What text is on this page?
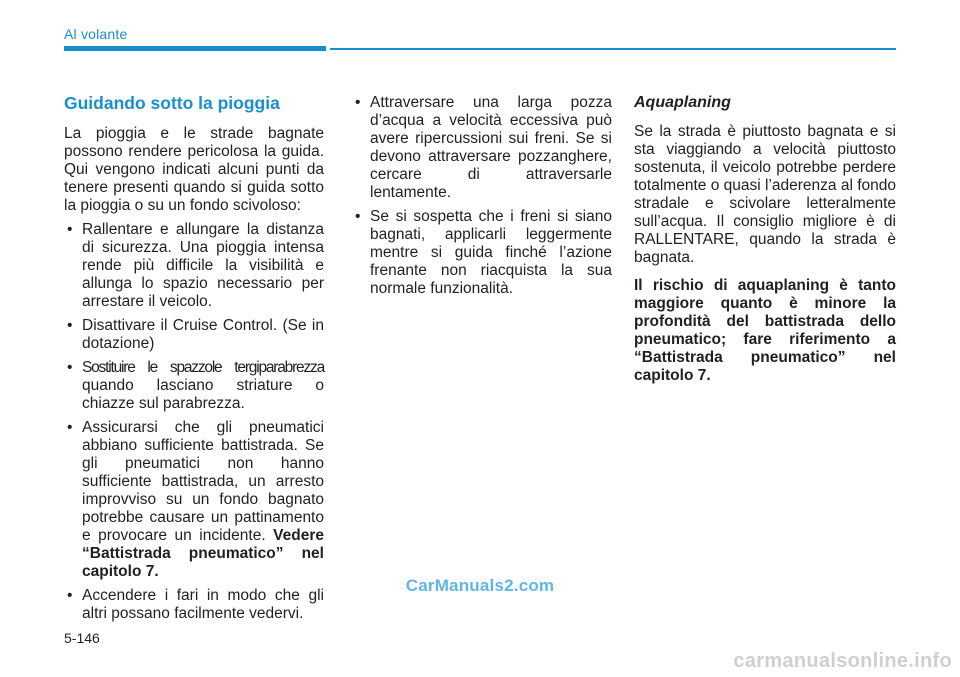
Al volante
Guidando sotto la pioggia

La pioggia e le strade bagnate possono rendere pericolosa la guida. Qui vengono indicati alcuni punti da tenere presenti quando si guida sotto la pioggia o su un fondo scivoloso:

• Rallentare e allungare la distanza di sicurezza. Una pioggia intensa rende più difficile la visibilità e allunga lo spazio necessario per arrestare il veicolo.
• Disattivare il Cruise Control. (Se in dotazione)
• Sostituire le spazzole tergiparabrezza quando lasciano striature o chiazze sul parabrezza.
• Assicurarsi che gli pneumatici abbiano sufficiente battistrada. Se gli pneumatici non hanno sufficiente battistrada, un arresto improvviso su un fondo bagnato potrebbe causare un pattinamento e provocare un incidente. Vedere “Battistrada pneumatico” nel capitolo 7.
• Accendere i fari in modo che gli altri possano facilmente vedervi.
• Attraversare una larga pozza d’acqua a velocità eccessiva può avere ripercussioni sui freni. Se si devono attraversare pozzanghere, cercare di attraversarle lentamente.
• Se si sospetta che i freni si siano bagnati, applicarli leggermente mentre si guida finché l’azione frenante non riacquista la sua normale funzionalità.
Aquaplaning

Se la strada è piuttosto bagnata e si sta viaggiando a velocità piuttosto sostenuta, il veicolo potrebbe perdere totalmente o quasi l’aderenza al fondo stradale e scivolare letteralmente sull’acqua. Il consiglio migliore è di RALLENTARE, quando la strada è bagnata.

Il rischio di aquaplaning è tanto maggiore quanto è minore la profondità del battistrada dello pneumatico; fare riferimento a “Battistrada pneumatico” nel capitolo 7.

CarManuals2.com
5-146
carmanualsonline.info
